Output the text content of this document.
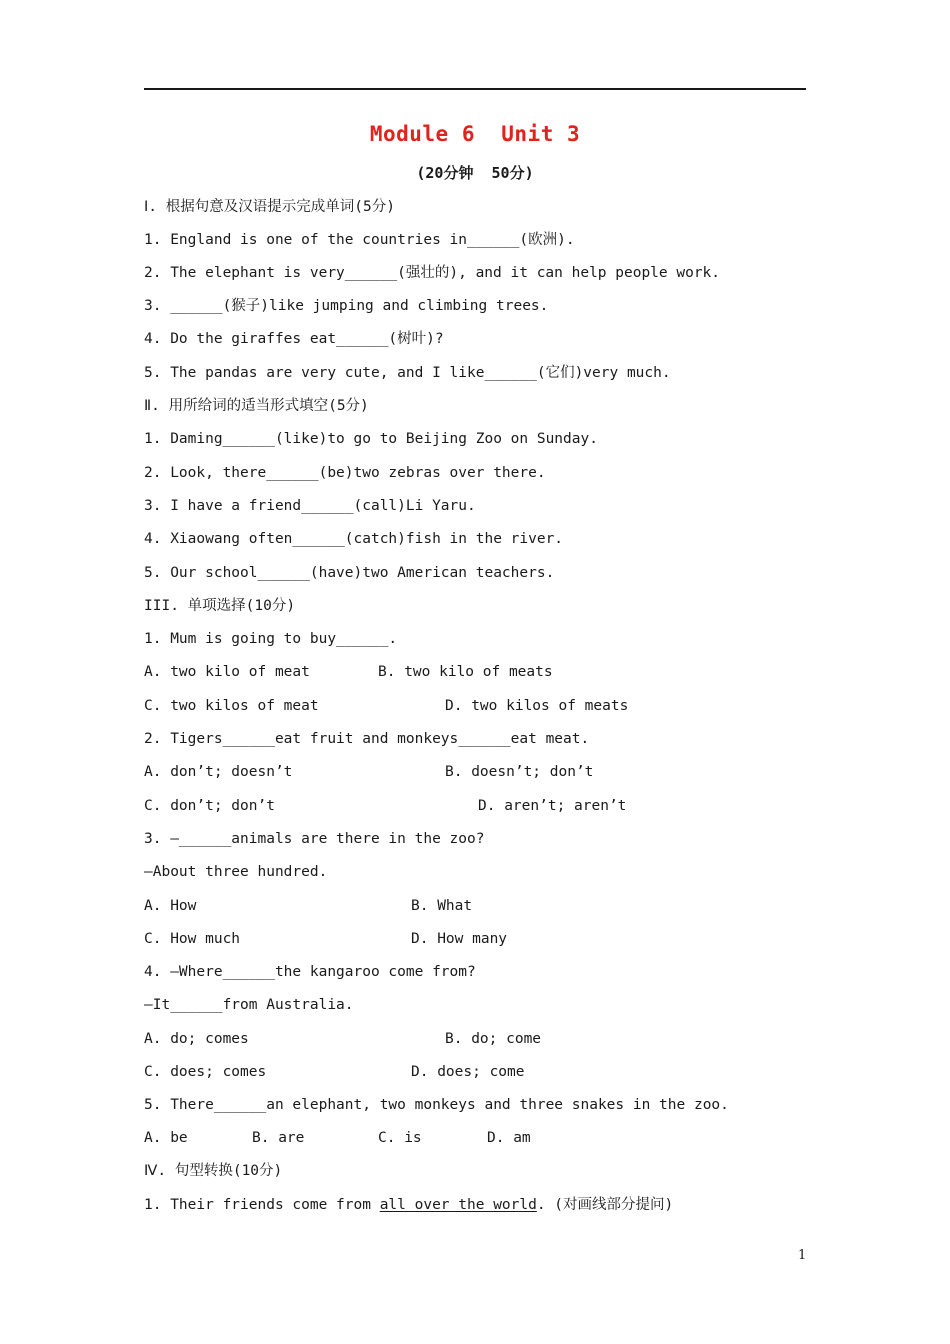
Module 6  Unit 3
(20分钟  50分)
Ⅰ. 根据句意及汉语提示完成单词(5分)
1. England is one of the countries in______(欧洲).
2. The elephant is very______(强壮的), and it can help people work.
3. ______(猴子)like jumping and climbing trees.
4. Do the giraffes eat______(树叶)?
5. The pandas are very cute, and I like______(它们)very much.
Ⅱ. 用所给词的适当形式填空(5分)
1. Daming______(like)to go to Beijing Zoo on Sunday.
2. Look, there______(be)two zebras over there.
3. I have a friend______(call)Li Yaru.
4. Xiaowang often______(catch)fish in the river.
5. Our school______(have)two American teachers.
III. 单项选择(10分)
1. Mum is going to buy______.
A. two kilo of meat	B. two kilo of meats
C. two kilos of meat	D. two kilos of meats
2. Tigers______eat fruit and monkeys______eat meat.
A. don’t; doesn’t	B. doesn’t; don’t
C. don’t; don’t	D. aren’t; aren’t
3. —______animals are there in the zoo?
—About three hundred.
A. How	B. What
C. How much	D. How many
4. —Where______the kangaroo come from?
—It______from Australia.
A. do; comes	B. do; come
C. does; comes	D. does; come
5. There______an elephant, two monkeys and three snakes in the zoo.
A. be	B. are	C. is	D. am
Ⅳ. 句型转换(10分)
1. Their friends come from all over the world. (对画线部分提问)
1
